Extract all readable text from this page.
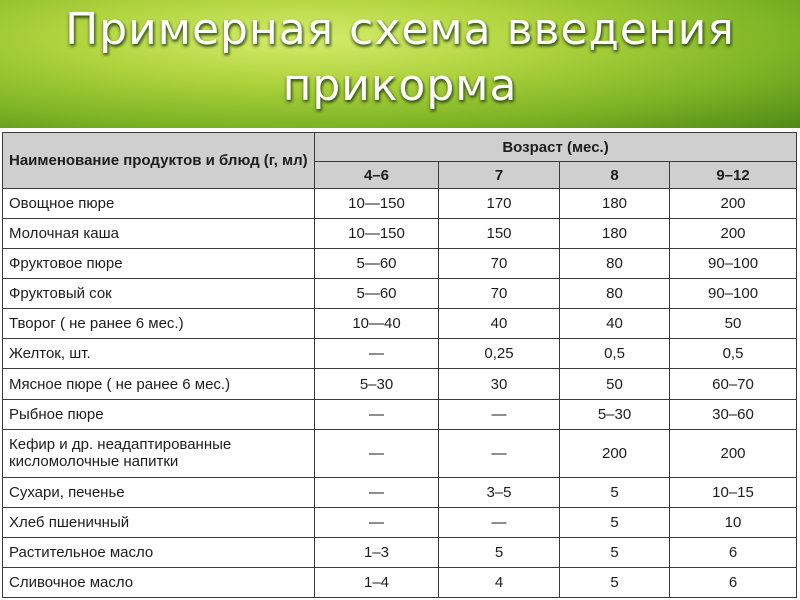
Примерная схема введения
прикорма
Наименование продуктов и блюд (г, мл)	Возраст (мес.)			
	4–6	7	8	9–12
Овощное пюре	10—150	170	180	200
Молочная каша	10—150	150	180	200
Фруктовое пюре	5—60	70	80	90–100
Фруктовый сок	5—60	70	80	90–100
Творог ( не ранее 6 мес.)	10—40	40	40	50
Желток, шт.	—	0,25	0,5	0,5
Мясное пюре ( не ранее 6 мес.)	5–30	30	50	60–70
Рыбное пюре	—	—	5–30	30–60
Кефир и др. неадаптированные кисломолочные напитки	—	—	200	200
Сухари, печенье	—	3–5	5	10–15
Хлеб пшеничный	—	—	5	10
Растительное масло	1–3	5	5	6
Сливочное масло	1–4	4	5	6
